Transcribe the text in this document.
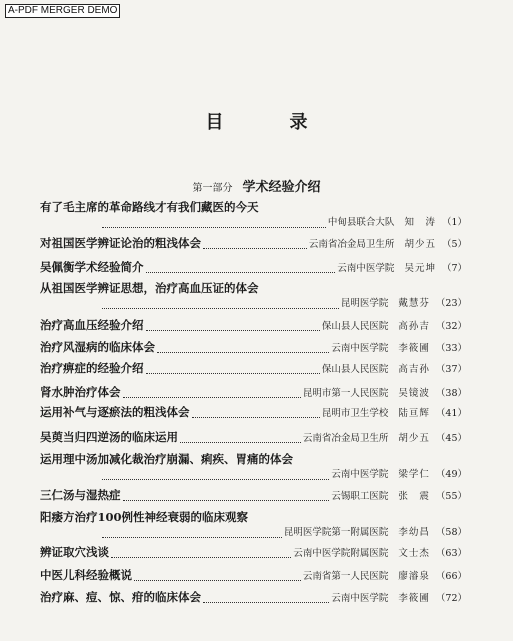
A-PDF MERGER DEMO
目　录
第一部分 学术经验介绍
有了毛主席的革命路线才有我们藏医的今天
中甸县联合大队 知　涛 （1）
对祖国医学辨证论治的粗浅体会	云南省冶金局卫生所 胡少五 （5）
吴佩衡学术经验简介	云南中医学院 吴元坤 （7）
从祖国医学辨证思想，治疗高血压证的体会
昆明医学院 戴慧芬 （23）
治疗高血压经验介绍	保山县人民医院 高孙吉 （32）
治疗风湿病的临床体会	云南中医学院 李筱圃 （33）
治疗痹症的经验介绍	保山县人民医院 高吉孙 （37）
肾水肿治疗体会	昆明市第一人民医院 吴镜波 （38）
运用补气与逐瘀法的粗浅体会	昆明市卫生学校 陆亘辉 （41）
吴萸当归四逆汤的临床运用	云南省冶金局卫生所 胡少五 （45）
运用理中汤加减化裁治疗崩漏、痢疾、胃痛的体会
云南中医学院 梁学仁 （49）
三仁汤与湿热症	云锡职工医院 张　震 （55）
阳痿方治疗100例性神经衰弱的临床观察
昆明医学院第一附属医院 李幼昌 （58）
辨证取穴浅谈	云南中医学院附属医院 文士杰 （63）
中医儿科经验概说	云南省第一人民医院 廖濬泉 （66）
治疗麻、痘、惊、疳的临床体会	云南中医学院 李筱圃 （72）
